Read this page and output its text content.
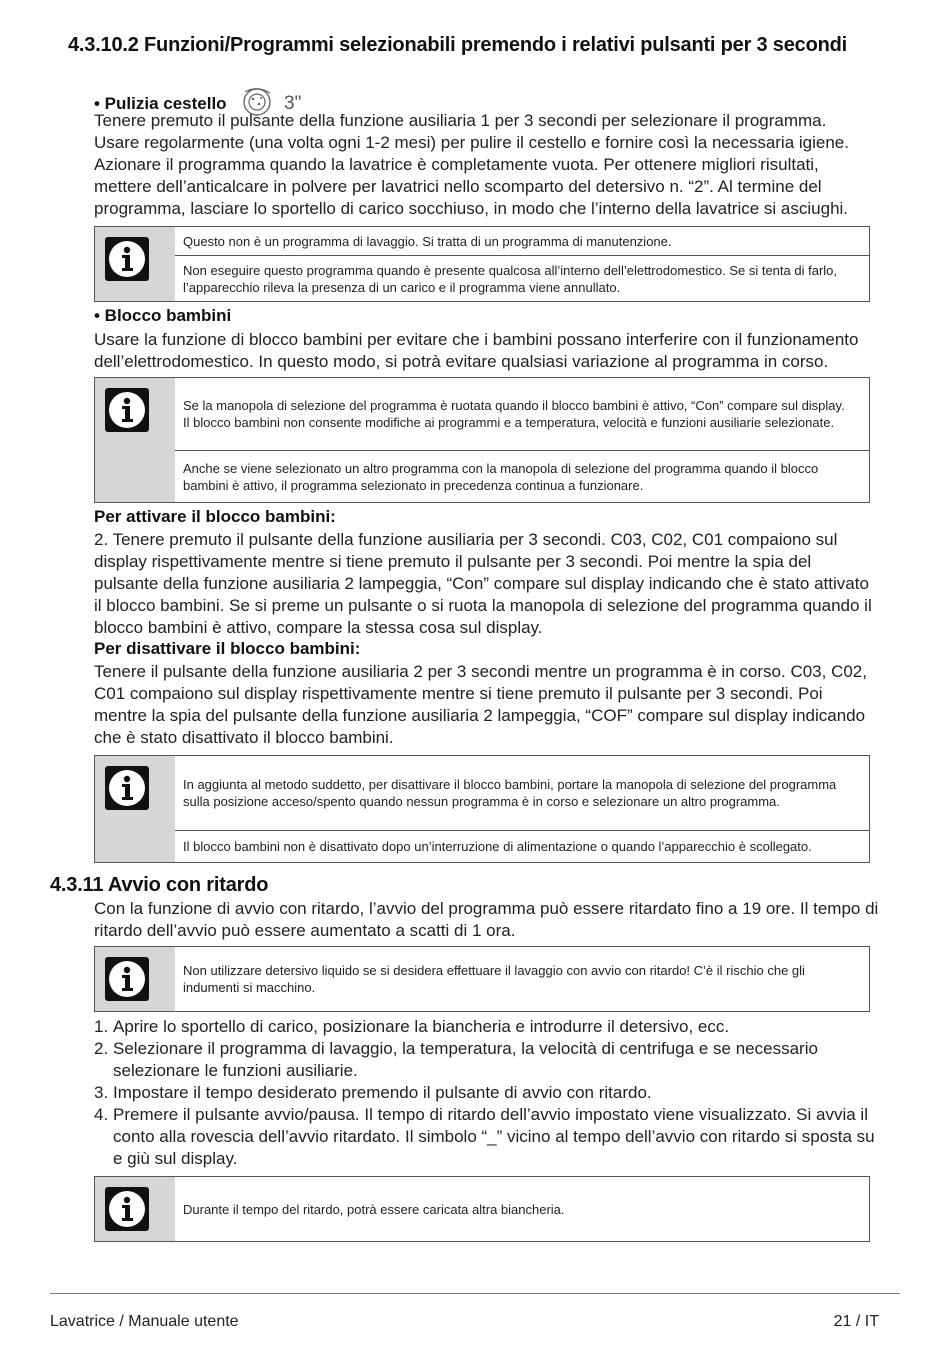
4.3.10.2 Funzioni/Programmi selezionabili premendo i relativi pulsanti per 3 secondi

• Pulizia cestello	3"

Tenere premuto il pulsante della funzione ausiliaria 1 per 3 secondi per selezionare il programma.
Usare regolarmente (una volta ogni 1-2 mesi) per pulire il cestello e fornire così la necessaria igiene.
Azionare il programma quando la lavatrice è completamente vuota. Per ottenere migliori risultati,
mettere dell’anticalcare in polvere per lavatrici nello scomparto del detersivo n. “2”. Al termine del
programma, lasciare lo sportello di carico socchiuso, in modo che l’interno della lavatrice si asciughi.

Questo non è un programma di lavaggio. Si tratta di un programma di manutenzione.
Non eseguire questo programma quando è presente qualcosa all’interno dell’elettrodomestico. Se si tenta di farlo,
l’apparecchio rileva la presenza di un carico e il programma viene annullato.

• Blocco bambini

Usare la funzione di blocco bambini per evitare che i bambini possano interferire con il funzionamento
dell’elettrodomestico. In questo modo, si potrà evitare qualsiasi variazione al programma in corso.

Se la manopola di selezione del programma è ruotata quando il blocco bambini è attivo, “Con” compare sul display.
Il blocco bambini non consente modifiche ai programmi e a temperatura, velocità e funzioni ausiliarie selezionate.
Anche se viene selezionato un altro programma con la manopola di selezione del programma quando il blocco
bambini è attivo, il programma selezionato in precedenza continua a funzionare.

Per attivare il blocco bambini:

2. Tenere premuto il pulsante della funzione ausiliaria per 3 secondi. C03, C02, C01 compaiono sul
display rispettivamente mentre si tiene premuto il pulsante per 3 secondi. Poi mentre la spia del
pulsante della funzione ausiliaria 2 lampeggia, “Con” compare sul display indicando che è stato attivato
il blocco bambini. Se si preme un pulsante o si ruota la manopola di selezione del programma quando il
blocco bambini è attivo, compare la stessa cosa sul display.

Per disattivare il blocco bambini:

Tenere il pulsante della funzione ausiliaria 2 per 3 secondi mentre un programma è in corso. C03, C02,
C01 compaiono sul display rispettivamente mentre si tiene premuto il pulsante per 3 secondi. Poi
mentre la spia del pulsante della funzione ausiliaria 2 lampeggia, “COF” compare sul display indicando
che è stato disattivato il blocco bambini.

In aggiunta al metodo suddetto, per disattivare il blocco bambini, portare la manopola di selezione del programma
sulla posizione acceso/spento quando nessun programma è in corso e selezionare un altro programma.
Il blocco bambini non è disattivato dopo un’interruzione di alimentazione o quando l’apparecchio è scollegato.
4.3.11 Avvio con ritardo

Con la funzione di avvio con ritardo, l’avvio del programma può essere ritardato fino a 19 ore. Il tempo di
ritardo dell’avvio può essere aumentato a scatti di 1 ora.

Non utilizzare detersivo liquido se si desidera effettuare il lavaggio con avvio con ritardo! C’è il rischio che gli
indumenti si macchino.
1. Aprire lo sportello di carico, posizionare la biancheria e introdurre il detersivo, ecc.
2. Selezionare il programma di lavaggio, la temperatura, la velocità di centrifuga e se necessario
selezionare le funzioni ausiliarie.
3. Impostare il tempo desiderato premendo il pulsante di avvio con ritardo.
4. Premere il pulsante avvio/pausa. Il tempo di ritardo dell’avvio impostato viene visualizzato. Si avvia il
conto alla rovescia dell’avvio ritardato. Il simbolo “_” vicino al tempo dell’avvio con ritardo si sposta su
e giù sul display.
Durante il tempo del ritardo, potrà essere caricata altra biancheria.
Lavatrice / Manuale utente	21 / IT
